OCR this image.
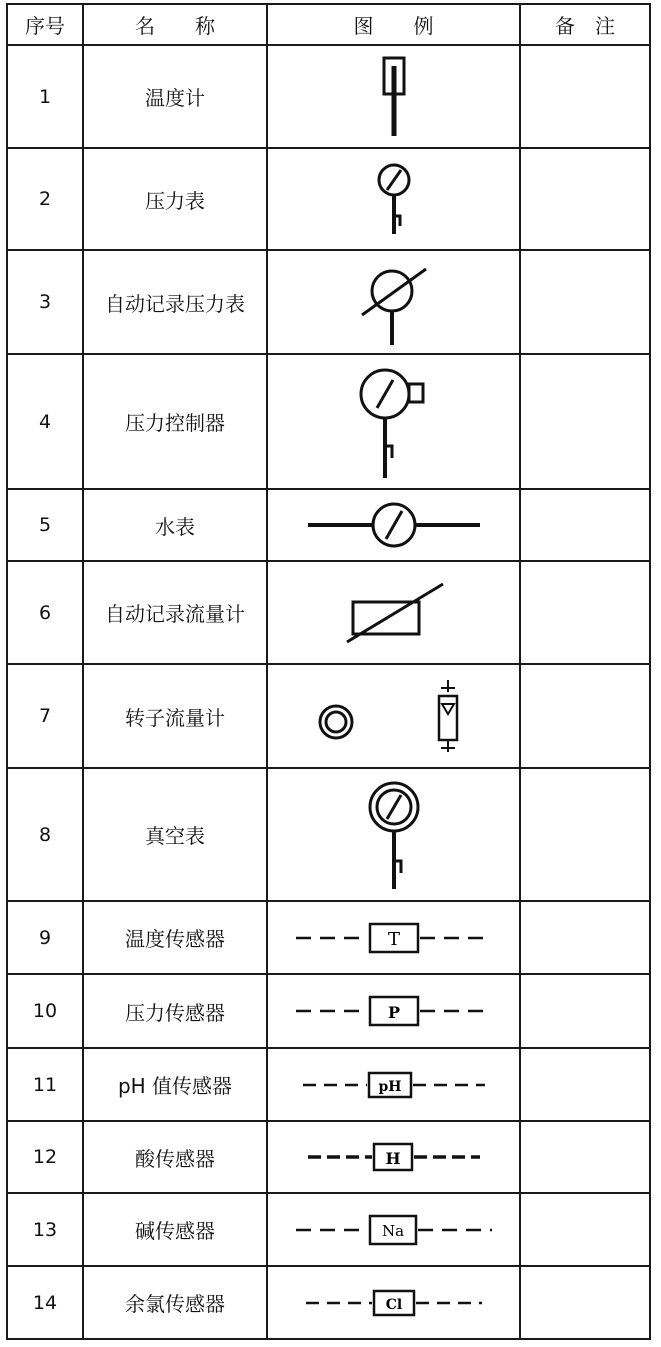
序号	名　　称	图　　例	备　注
1	温度计	

2	压力表	

3	自动记录压力表	

4	压力控制器	

5	水表	

6	自动记录流量计	

7	转子流量计	

8	真空表	

9	温度传感器	T	

10	压力传感器	P	

11	pH 值传感器	pH	

12	酸传感器	H	

13	碱传感器	Na	

14	余氯传感器	Cl	
